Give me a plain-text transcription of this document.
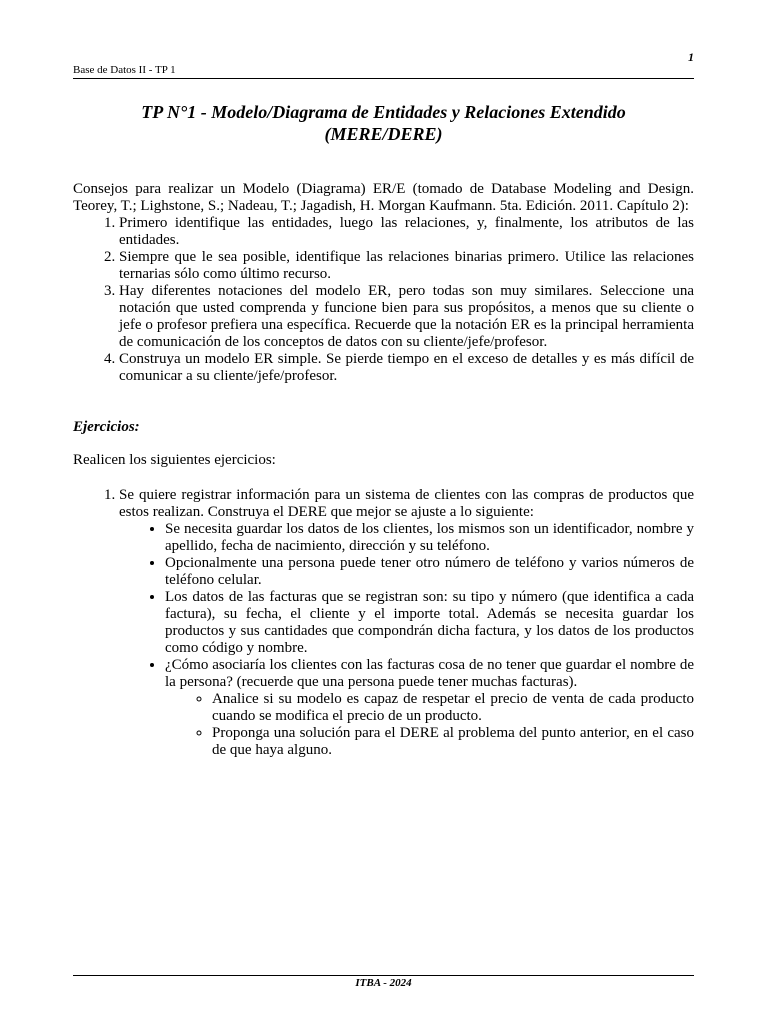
Base de Datos II - TP 1
1
TP N°1 - Modelo/Diagrama de Entidades y Relaciones Extendido (MERE/DERE)
Consejos para realizar un Modelo (Diagrama) ER/E (tomado de Database Modeling and Design. Teorey, T.; Lighstone, S.; Nadeau, T.; Jagadish, H. Morgan Kaufmann. 5ta. Edición. 2011. Capítulo 2):
1. Primero identifique las entidades, luego las relaciones, y, finalmente, los atributos de las entidades.
2. Siempre que le sea posible, identifique las relaciones binarias primero. Utilice las relaciones ternarias sólo como último recurso.
3. Hay diferentes notaciones del modelo ER, pero todas son muy similares. Seleccione una notación que usted comprenda y funcione bien para sus propósitos, a menos que su cliente o jefe o profesor prefiera una específica. Recuerde que la notación ER es la principal herramienta de comunicación de los conceptos de datos con su cliente/jefe/profesor.
4. Construya un modelo ER simple. Se pierde tiempo en el exceso de detalles y es más difícil de comunicar a su cliente/jefe/profesor.
Ejercicios:
Realicen los siguientes ejercicios:
1. Se quiere registrar información para un sistema de clientes con las compras de productos que estos realizan. Construya el DERE que mejor se ajuste a lo siguiente:
• Se necesita guardar los datos de los clientes, los mismos son un identificador, nombre y apellido, fecha de nacimiento, dirección y su teléfono.
• Opcionalmente una persona puede tener otro número de teléfono y varios números de teléfono celular.
• Los datos de las facturas que se registran son: su tipo y número (que identifica a cada factura), su fecha, el cliente y el importe total. Además se necesita guardar los productos y sus cantidades que compondrán dicha factura, y los datos de los productos como código y nombre.
• ¿Cómo asociaría los clientes con las facturas cosa de no tener que guardar el nombre de la persona? (recuerde que una persona puede tener muchas facturas).
◦ Analice si su modelo es capaz de respetar el precio de venta de cada producto cuando se modifica el precio de un producto.
◦ Proponga una solución para el DERE al problema del punto anterior, en el caso de que haya alguno.
ITBA - 2024
